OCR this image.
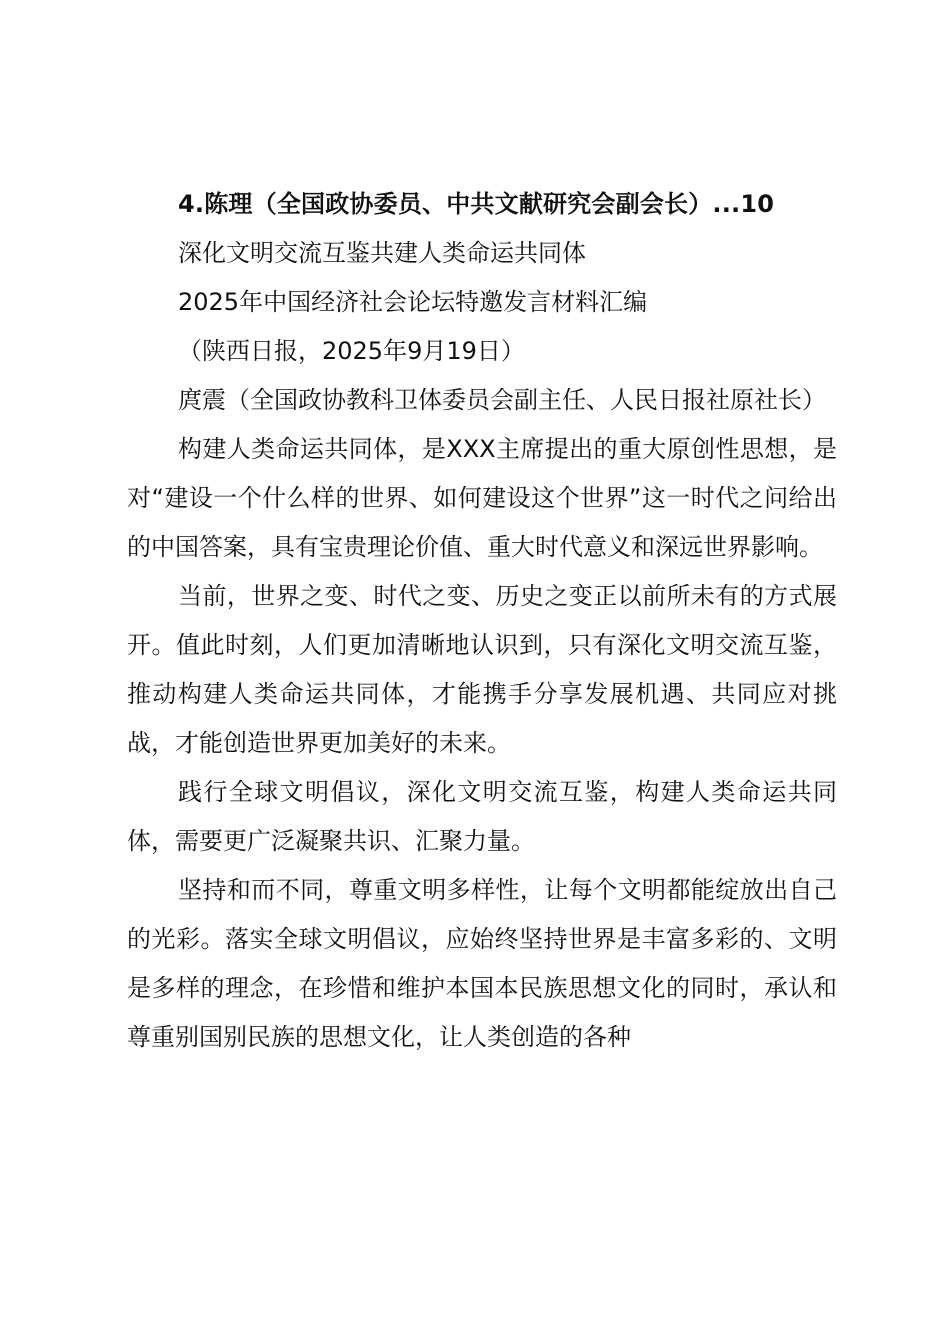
4.陈理（全国政协委员、中共文献研究会副会长）...10

深化文明交流互鉴共建人类命运共同体

2025年中国经济社会论坛特邀发言材料汇编

（陕西日报，2025年9月19日）

庹震（全国政协教科卫体委员会副主任、人民日报社原社长）

构建人类命运共同体，是XXX主席提出的重大原创性思想，是对“建设一个什么样的世界、如何建设这个世界”这一时代之问给出的中国答案，具有宝贵理论价值、重大时代意义和深远世界影响。

当前，世界之变、时代之变、历史之变正以前所未有的方式展开。值此时刻，人们更加清晰地认识到，只有深化文明交流互鉴，推动构建人类命运共同体，才能携手分享发展机遇、共同应对挑战，才能创造世界更加美好的未来。

践行全球文明倡议，深化文明交流互鉴，构建人类命运共同体，需要更广泛凝聚共识、汇聚力量。

坚持和而不同，尊重文明多样性，让每个文明都能绽放出自己的光彩。落实全球文明倡议，应始终坚持世界是丰富多彩的、文明是多样的理念，在珍惜和维护本国本民族思想文化的同时，承认和尊重别国别民族的思想文化，让人类创造的各种
